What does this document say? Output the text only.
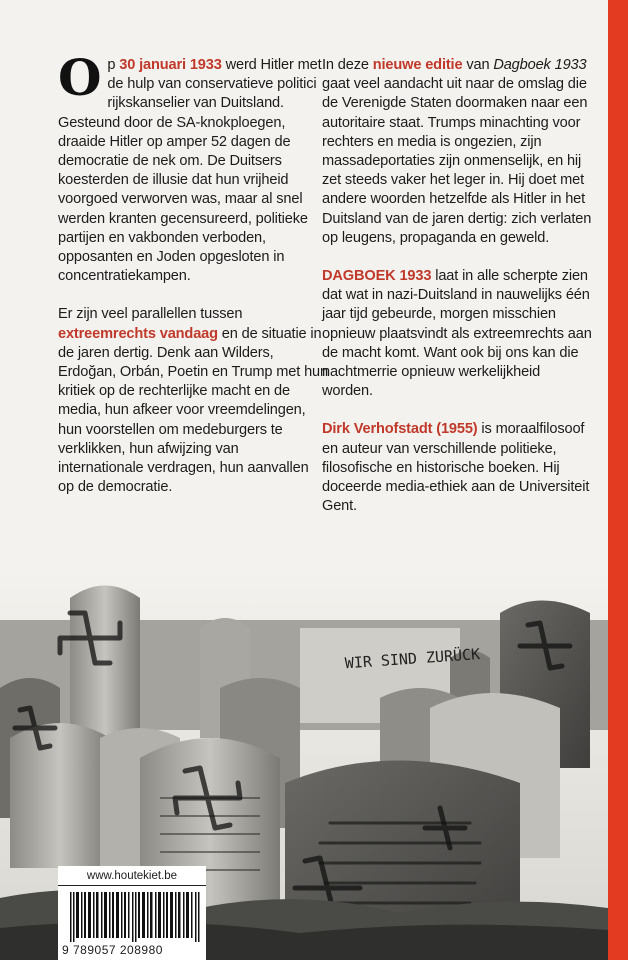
Op 30 januari 1933 werd Hitler met de hulp van conservatieve politici rijkskanselier van Duitsland. Gesteund door de SA-knokploegen, draaide Hitler op amper 52 dagen de democratie de nek om. De Duitsers koesterden de illusie dat hun vrijheid voorgoed verworven was, maar al snel werden kranten gecensureerd, politieke partijen en vakbonden verboden, opposanten en Joden opgesloten in concentratiekampen.

Er zijn veel parallellen tussen extreemrechts vandaag en de situatie in de jaren dertig. Denk aan Wilders, Erdoğan, Orbán, Poetin en Trump met hun kritiek op de rechterlijke macht en de media, hun afkeer voor vreemdelingen, hun voorstellen om medeburgers te verklikken, hun afwijzing van internationale verdragen, hun aanvallen op de democratie.

In deze nieuwe editie van Dagboek 1933 gaat veel aandacht uit naar de omslag die de Verenigde Staten doormaken naar een autoritaire staat. Trumps minachting voor rechters en media is ongezien, zijn massadeportaties zijn onmenselijk, en hij zet steeds vaker het leger in. Hij doet met andere woorden hetzelfde als Hitler in het Duitsland van de jaren dertig: zich verlaten op leugens, propaganda en geweld.

DAGBOEK 1933 laat in alle scherpte zien dat wat in nazi-Duitsland in nauwelijks één jaar tijd gebeurde, morgen misschien opnieuw plaatsvindt als extreemrechts aan de macht komt. Want ook bij ons kan die nachtmerrie opnieuw werkelijkheid worden.

Dirk Verhofstadt (1955) is moraalfilosoof en auteur van verschillende politieke, filosofische en historische boeken. Hij doceerde media-ethiek aan de Universiteit Gent.

WIR SIND ZURÜCK
www.houtekiet.be
9 789057 208980
